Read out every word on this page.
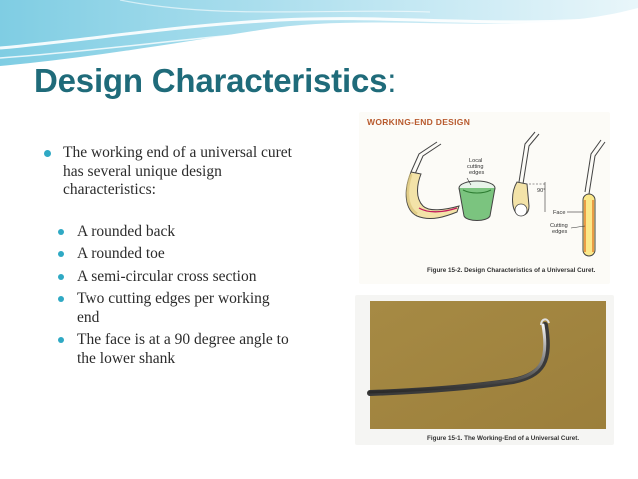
Design Characteristics:
The working end of a universal curet has several unique design characteristics:
A rounded back
A rounded toe
A semi-circular cross section
Two cutting edges per working end
The face is at a 90 degree angle to the lower shank
WORKING-END DESIGN
Local
cutting
edges
90°
Face
Cutting
edges
Figure 15-2. Design Characteristics of a Universal Curet.
Figure 15-1. The Working-End of a Universal Curet.
